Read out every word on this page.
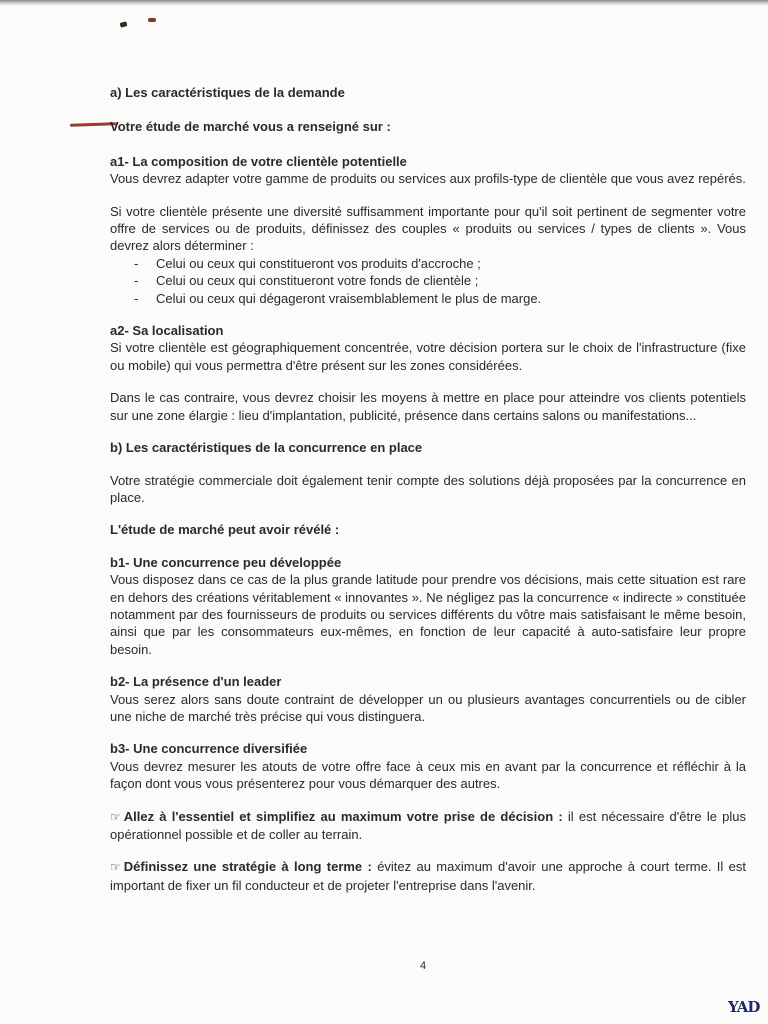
a) Les caractéristiques de la demande

Votre étude de marché vous a renseigné sur :

a1- La composition de votre clientèle potentielle

Vous devrez adapter votre gamme de produits ou services aux profils-type de clientèle que vous avez repérés.

Si votre clientèle présente une diversité suffisamment importante pour qu'il soit pertinent de segmenter votre offre de services ou de produits, définissez des couples « produits ou services / types de clients ». Vous devrez alors déterminer :

- Celui ou ceux qui constitueront vos produits d'accroche ;
- Celui ou ceux qui constitueront votre fonds de clientèle ;
- Celui ou ceux qui dégageront vraisemblablement le plus de marge.

a2- Sa localisation

Si votre clientèle est géographiquement concentrée, votre décision portera sur le choix de l'infrastructure (fixe ou mobile) qui vous permettra d'être présent sur les zones considérées.

Dans le cas contraire, vous devrez choisir les moyens à mettre en place pour atteindre vos clients potentiels sur une zone élargie : lieu d'implantation, publicité, présence dans certains salons ou manifestations...

b) Les caractéristiques de la concurrence en place

Votre stratégie commerciale doit également tenir compte des solutions déjà proposées par la concurrence en place.

L'étude de marché peut avoir révélé :

b1- Une concurrence peu développée

Vous disposez dans ce cas de la plus grande latitude pour prendre vos décisions, mais cette situation est rare en dehors des créations véritablement « innovantes ». Ne négligez pas la concurrence « indirecte » constituée notamment par des fournisseurs de produits ou services différents du vôtre mais satisfaisant le même besoin, ainsi que par les consommateurs eux-mêmes, en fonction de leur capacité à auto-satisfaire leur propre besoin.

b2- La présence d'un leader

Vous serez alors sans doute contraint de développer un ou plusieurs avantages concurrentiels ou de cibler une niche de marché très précise qui vous distinguera.

b3- Une concurrence diversifiée

Vous devrez mesurer les atouts de votre offre face à ceux mis en avant par la concurrence et réfléchir à la façon dont vous vous présenterez pour vous démarquer des autres.

☞ Allez à l'essentiel et simplifiez au maximum votre prise de décision : il est nécessaire d'être le plus opérationnel possible et de coller au terrain.

☞ Définissez une stratégie à long terme : évitez au maximum d'avoir une approche à court terme. Il est important de fixer un fil conducteur et de projeter l'entreprise dans l'avenir.

4
YAD
